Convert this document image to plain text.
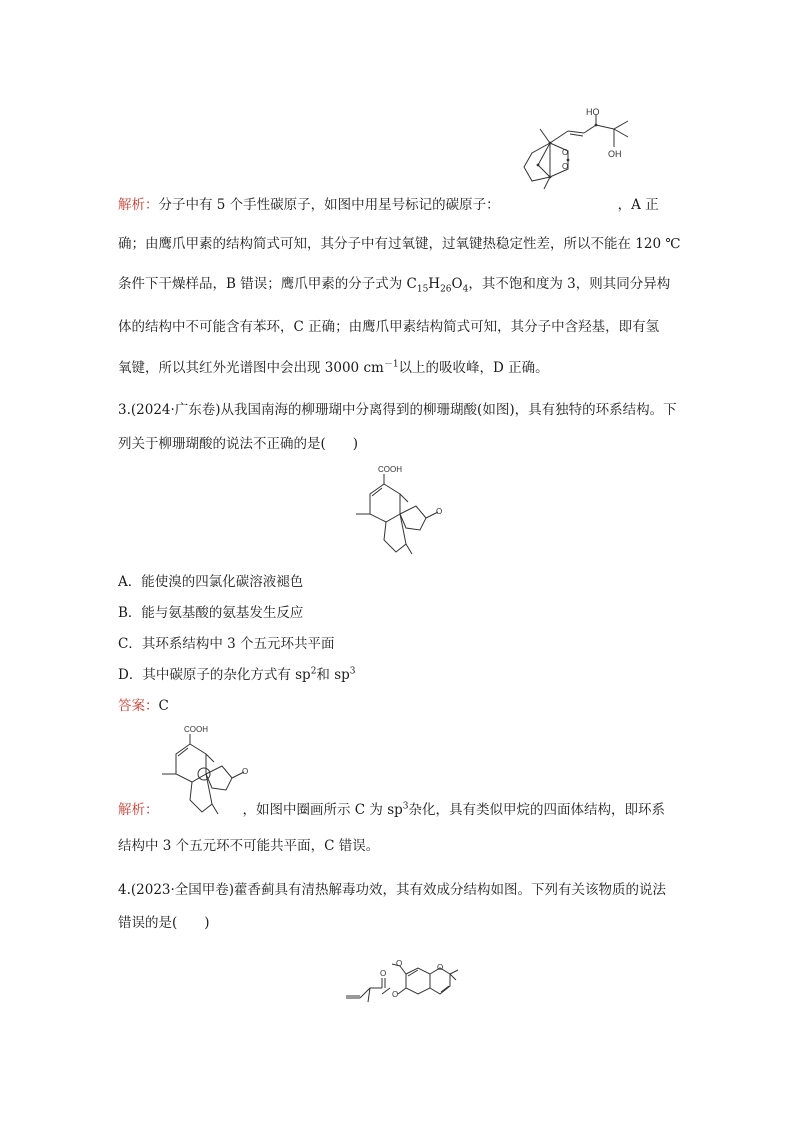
HO
OH
O
O
解析：分子中有 5 个手性碳原子，如图中用星号标记的碳原子：	，A 正
确；由鹰爪甲素的结构简式可知，其分子中有过氧键，过氧键热稳定性差，所以不能在 120 ℃
条件下干燥样品，B 错误；鹰爪甲素的分子式为 $C_{15}H_{26}O_4$，其不饱和度为 3，则其同分异构
体的结构中不可能含有苯环，C 正确；由鹰爪甲素结构简式可知，其分子中含羟基，即有氢
氧键，所以其红外光谱图中会出现 3000 $cm^{-1}$以上的吸收峰，D 正确。
3.(2024·广东卷)从我国南海的柳珊瑚中分离得到的柳珊瑚酸(如图)，具有独特的环系结构。下
列关于柳珊瑚酸的说法不正确的是(　　)
COOH
O
A．能使溴的四氯化碳溶液褪色
B．能与氨基酸的氨基发生反应
C．其环系结构中 3 个五元环共平面
D．其中碳原子的杂化方式有 $sp^2$和 $sp^3$
答案：C
COOH
O
解析：	，如图中圈画所示 C 为 $sp^3$杂化，具有类似甲烷的四面体结构，即环系
结构中 3 个五元环不可能共平面，C 错误。
4.(2023·全国甲卷)藿香蓟具有清热解毒功效，其有效成分结构如图。下列有关该物质的说法
错误的是(　　)
O
O
O
O
